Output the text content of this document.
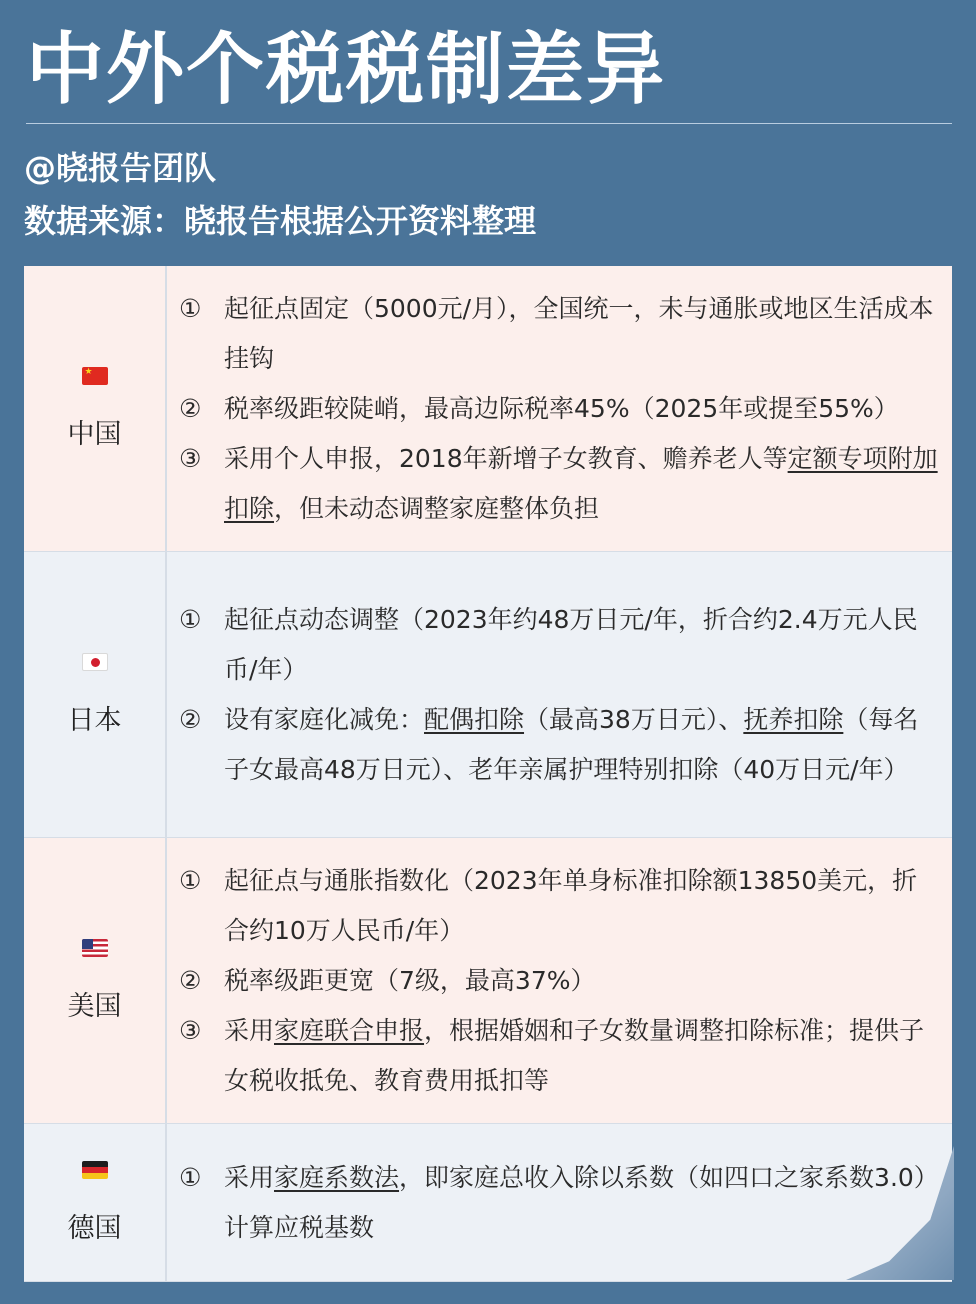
中外个税税制差异
@晓报告团队
数据来源：晓报告根据公开资料整理
★
中国
① 起征点固定（5000元/月），全国统一，未与通胀或地区生活成本挂钩
② 税率级距较陡峭，最高边际税率45%（2025年或提至55%）
③ 采用个人申报，2018年新增子女教育、赡养老人等定额专项附加扣除，但未动态调整家庭整体负担
日本
① 起征点动态调整（2023年约48万日元/年，折合约2.4万元人民币/年）
② 设有家庭化减免：配偶扣除（最高38万日元）、抚养扣除（每名子女最高48万日元）、老年亲属护理特别扣除（40万日元/年）
美国
① 起征点与通胀指数化（2023年单身标准扣除额13850美元，折合约10万人民币/年）
② 税率级距更宽（7级，最高37%）
③ 采用家庭联合申报，根据婚姻和子女数量调整扣除标准；提供子女税收抵免、教育费用抵扣等
德国
① 采用家庭系数法，即家庭总收入除以系数（如四口之家系数3.0）计算应税基数
